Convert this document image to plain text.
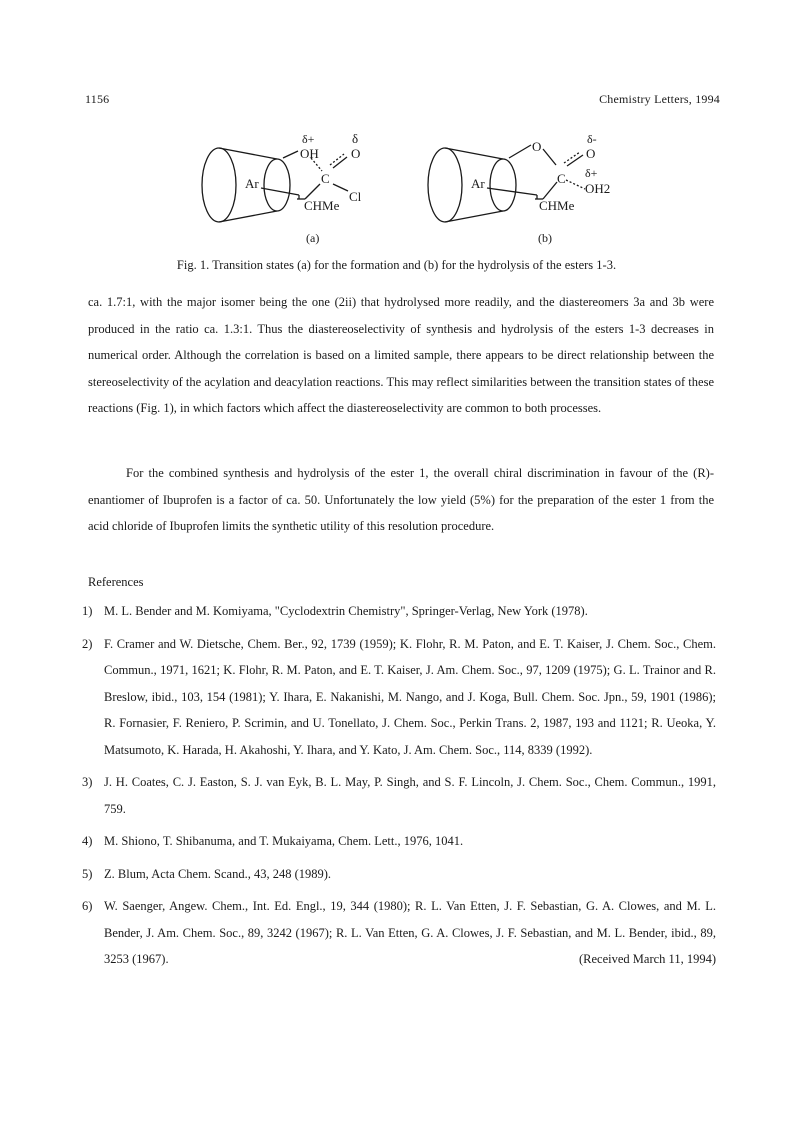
1156	Chemistry Letters, 1994
δ+
OH
δ
O
C
Cl
Ar
CHMe
(a)
O	δ-
O
C δ+
OH2
Ar
CHMe
(b)
Fig. 1. Transition states (a) for the formation and (b) for the hydrolysis of the esters 1-3.
ca. 1.7:1, with the major isomer being the one (2ii) that hydrolysed more readily, and the diastereomers 3a and 3b were produced in the ratio ca. 1.3:1. Thus the diastereoselectivity of synthesis and hydrolysis of the esters 1-3 decreases in numerical order. Although the correlation is based on a limited sample, there appears to be direct relationship between the stereoselectivity of the acylation and deacylation reactions. This may reflect similarities between the transition states of these reactions (Fig. 1), in which factors which affect the diastereoselectivity are common to both processes.
For the combined synthesis and hydrolysis of the ester 1, the overall chiral discrimination in favour of the (R)-enantiomer of Ibuprofen is a factor of ca. 50. Unfortunately the low yield (5%) for the preparation of the ester 1 from the acid chloride of Ibuprofen limits the synthetic utility of this resolution procedure.
References
1) M. L. Bender and M. Komiyama, "Cyclodextrin Chemistry", Springer-Verlag, New York (1978).
2) F. Cramer and W. Dietsche, Chem. Ber., 92, 1739 (1959); K. Flohr, R. M. Paton, and E. T. Kaiser, J. Chem. Soc., Chem. Commun., 1971, 1621; K. Flohr, R. M. Paton, and E. T. Kaiser, J. Am. Chem. Soc., 97, 1209 (1975); G. L. Trainor and R. Breslow, ibid., 103, 154 (1981); Y. Ihara, E. Nakanishi, M. Nango, and J. Koga, Bull. Chem. Soc. Jpn., 59, 1901 (1986); R. Fornasier, F. Reniero, P. Scrimin, and U. Tonellato, J. Chem. Soc., Perkin Trans. 2, 1987, 193 and 1121; R. Ueoka, Y. Matsumoto, K. Harada, H. Akahoshi, Y. Ihara, and Y. Kato, J. Am. Chem. Soc., 114, 8339 (1992).
3) J. H. Coates, C. J. Easton, S. J. van Eyk, B. L. May, P. Singh, and S. F. Lincoln, J. Chem. Soc., Chem. Commun., 1991, 759.
4) M. Shiono, T. Shibanuma, and T. Mukaiyama, Chem. Lett., 1976, 1041.
5) Z. Blum, Acta Chem. Scand., 43, 248 (1989).
6) W. Saenger, Angew. Chem., Int. Ed. Engl., 19, 344 (1980); R. L. Van Etten, J. F. Sebastian, G. A. Clowes, and M. L. Bender, J. Am. Chem. Soc., 89, 3242 (1967); R. L. Van Etten, G. A. Clowes, J. F. Sebastian, and M. L. Bender, ibid., 89, 3253 (1967).	(Received March 11, 1994)
